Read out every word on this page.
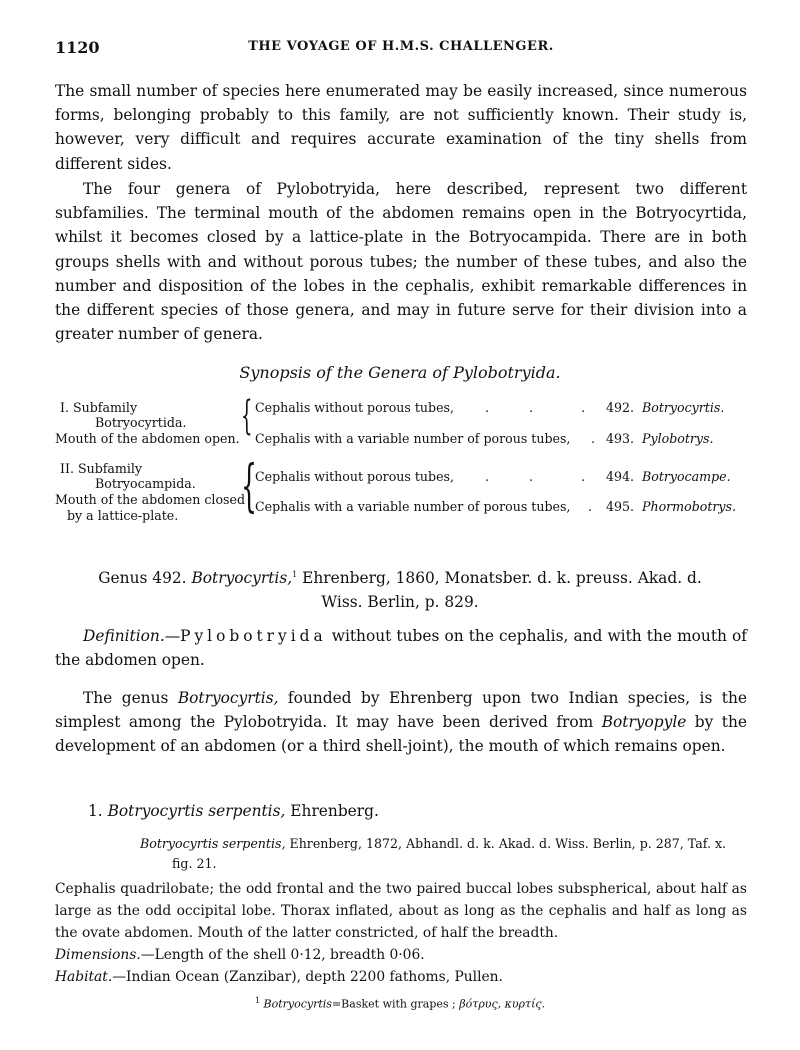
1120	THE VOYAGE OF H.M.S. CHALLENGER.

The small number of species here enumerated may be easily increased, since numerous forms, belonging probably to this family, are not sufficiently known. Their study is, however, very difficult and requires accurate examination of the tiny shells from different sides.

The four genera of Pylobotryida, here described, represent two different subfamilies. The terminal mouth of the abdomen remains open in the Botryocyrtida, whilst it becomes closed by a lattice-plate in the Botryocampida. There are in both groups shells with and without porous tubes; the number of these tubes, and also the number and disposition of the lobes in the cephalis, exhibit remarkable differences in the different species of those genera, and may in future serve for their division into a greater number of genera.

Synopsis of the Genera of Pylobotryida.
I. Subfamily
Botryocyrtida.
Mouth of the abdomen open. { Cephalis without porous tubes, .          .            . 492. Botryocyrtis.
Cephalis with a variable number of porous tubes, . 493. Pylobotrys.
II. Subfamily
Botryocampida.
Mouth of the abdomen closed
by a lattice-plate. {
Cephalis without porous tubes, .          .            . 494. Botryocampe.
Cephalis with a variable number of porous tubes, . 495. Phormobotrys.
Genus 492. Botryocyrtis,$^1$ Ehrenberg, 1860, Monatsber. d. k. preuss. Akad. d.
Wiss. Berlin, p. 829.

Definition.—Pylobotryida without tubes on the cephalis, and with the mouth of the abdomen open.

The genus Botryocyrtis, founded by Ehrenberg upon two Indian species, is the simplest among the Pylobotryida. It may have been derived from Botryopyle by the development of an abdomen (or a third shell-joint), the mouth of which remains open.

1. Botryocyrtis serpentis, Ehrenberg.
Botryocyrtis serpentis, Ehrenberg, 1872, Abhandl. d. k. Akad. d. Wiss. Berlin, p. 287, Taf. x.
fig. 21.

Cephalis quadrilobate; the odd frontal and the two paired buccal lobes subspherical, about half as large as the odd occipital lobe. Thorax inflated, about as long as the cephalis and half as long as the ovate abdomen. Mouth of the latter constricted, of half the breadth.

Dimensions.—Length of the shell 0·12, breadth 0·06.

Habitat.—Indian Ocean (Zanzibar), depth 2200 fathoms, Pullen.

$^1$ Botryocyrtis=Basket with grapes ; βότρυς, κυρτίς.
